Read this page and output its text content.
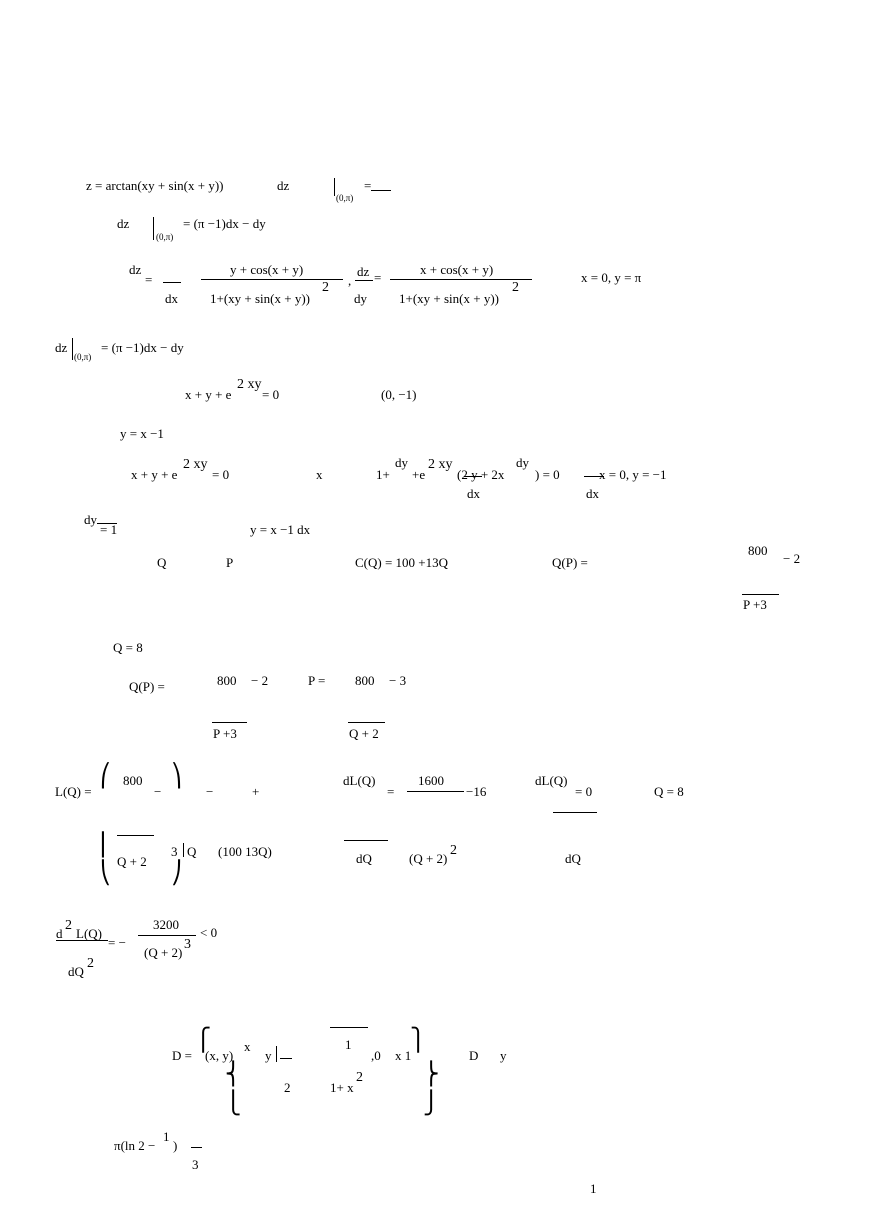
z = arctan(xy + sin(x + y))	dz
(0,π)
=
dz
(0,π)
= (π −1)dx − dy
dz
=
dx
y + cos(x + y)
1+(xy + sin(x + y))
2 ,
dz =
dy
x + cos(x + y)
1+(xy + sin(x + y))
2
x = 0, y = π
dz
(0,π)
= (π −1)dx − dy
x + y + e
2 xy
= 0	(0, −1)
y = x −1
x + y + e
2 xy
= 0	x	1+
dy
+e
2 xy
(2 y + 2x
dy
) = 0
dx	dx
x = 0, y = −1
dy
= 1	y = x −1 dx
Q	P	C(Q) = 100 +13Q	Q(P) =
800
− 2
P +3
Q = 8
Q(P) =	800 − 2	P = 800 − 3
P +3	Q + 2
L(Q) =
⎛ 800 ⎞
−	−	+
dL(Q)
=
1600
−16
dL(Q)
= 0	Q = 8
⎜
Q + 2
3 Q (100 13Q)	dQ	(Q + 2)
2
dQ
⎝	⎠
d
2
L(Q)
= −
3200
< 0
(Q + 2)
3
dQ
2
D =
⎧
(x, y)
x
y
1
,0 x 1
⎫
D y
⎨
2	1+ x
2	⎬
⎩	⎭
π(ln 2 −
1
)
3
1
